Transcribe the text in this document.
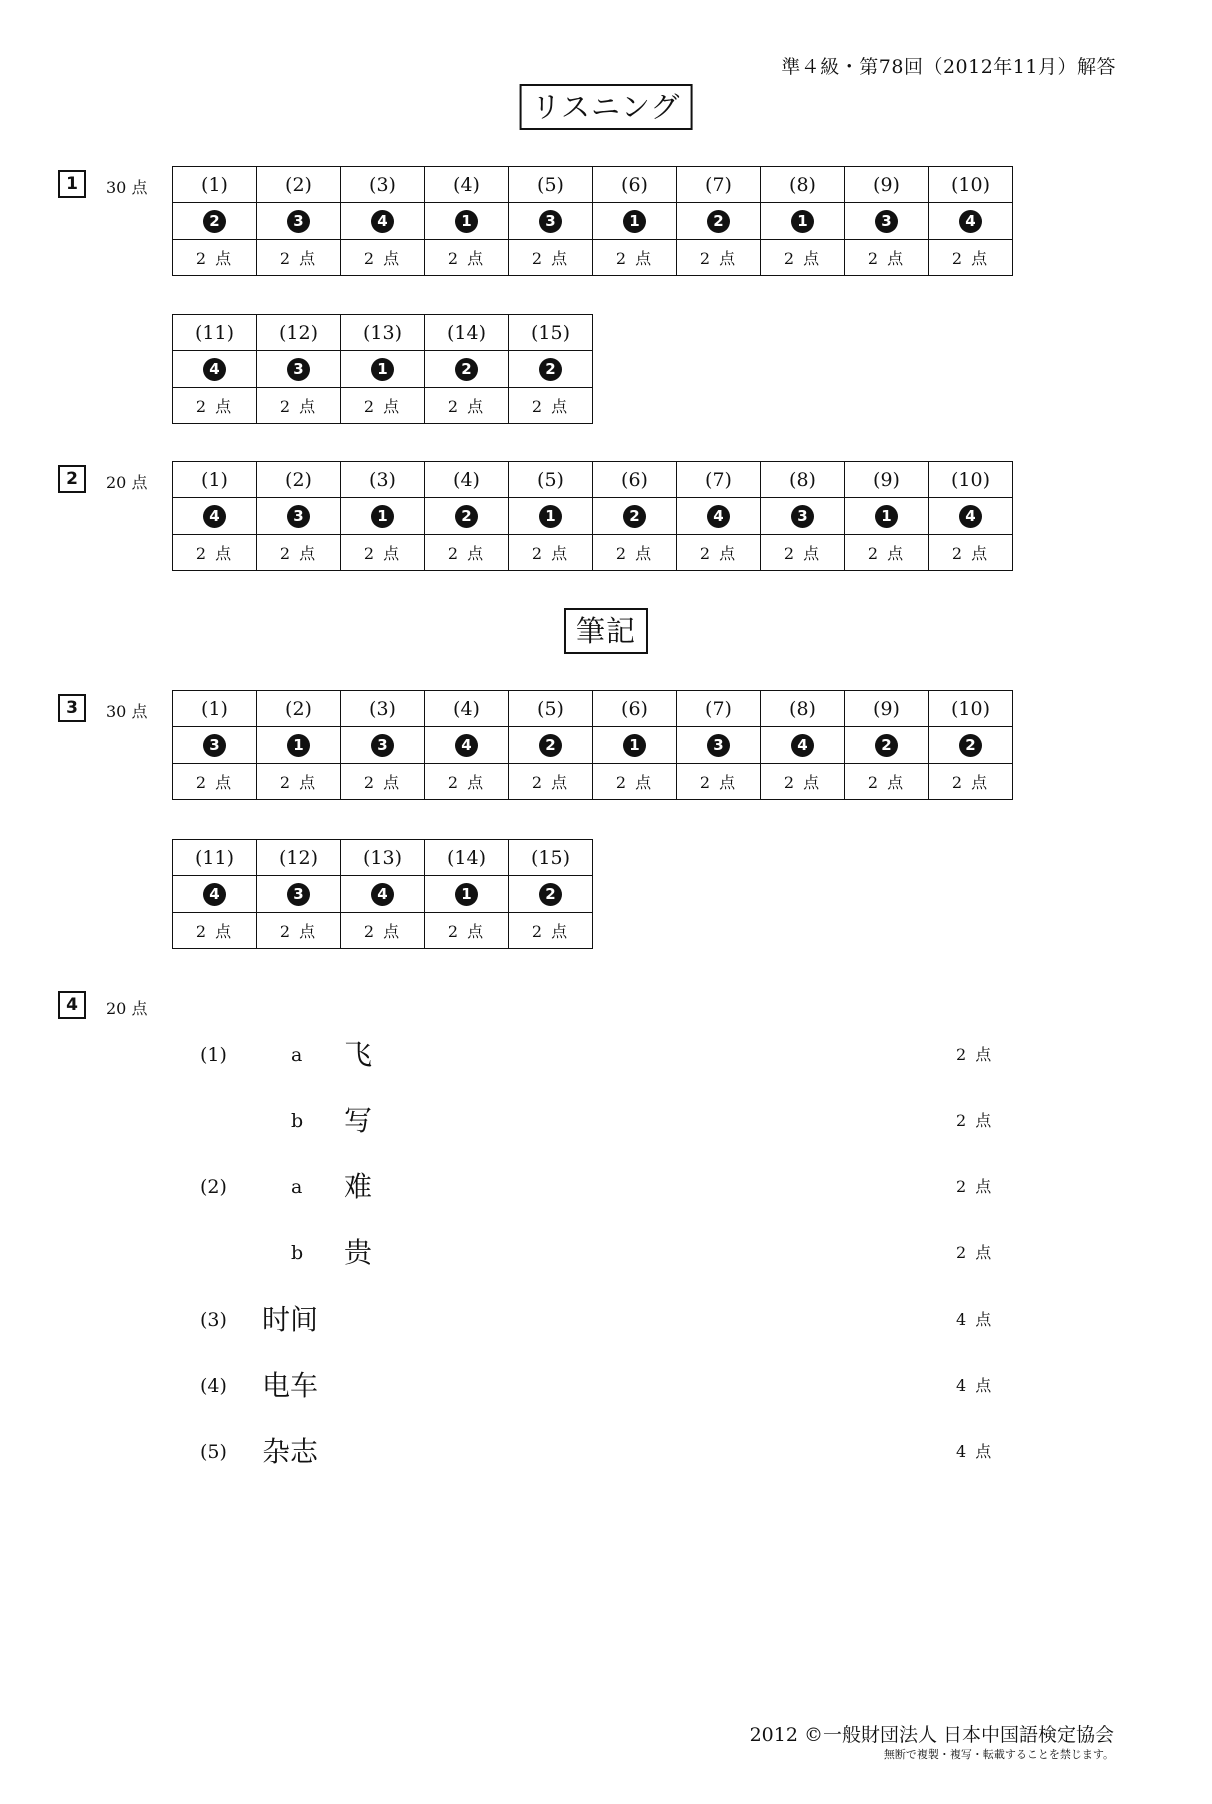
準４級・第78回（2012年11月）解答
リスニング
筆記
1	30 点	(1)	(2)	(3)	(4)	(5)	(6)	(7)	(8)	(9)	(10)
2	3	4	1	3	1	2	1	3	4
2 点	2 点	2 点	2 点	2 点	2 点	2 点	2 点	2 点	2 点
(11)	(12)	(13)	(14)	(15)
4	3	1	2	2
2 点	2 点	2 点	2 点	2 点
2	20 点	(1)	(2)	(3)	(4)	(5)	(6)	(7)	(8)	(9)	(10)
4	3	1	2	1	2	4	3	1	4
2 点	2 点	2 点	2 点	2 点	2 点	2 点	2 点	2 点	2 点
3	30 点	(1)	(2)	(3)	(4)	(5)	(6)	(7)	(8)	(9)	(10)
3	1	3	4	2	1	3	4	2	2
2 点	2 点	2 点	2 点	2 点	2 点	2 点	2 点	2 点	2 点
(11)	(12)	(13)	(14)	(15)
4	3	4	1	2
2 点	2 点	2 点	2 点	2 点
4	20 点
(1)	a 飞	2 点
b 写	2 点
(2)	a 难	2 点
b 贵	2 点
(3) 时间	4 点
(4) 电车	4 点
(5) 杂志	4 点
2012 ©一般財団法人 日本中国語検定協会
無断で複製・複写・転載することを禁じます。
